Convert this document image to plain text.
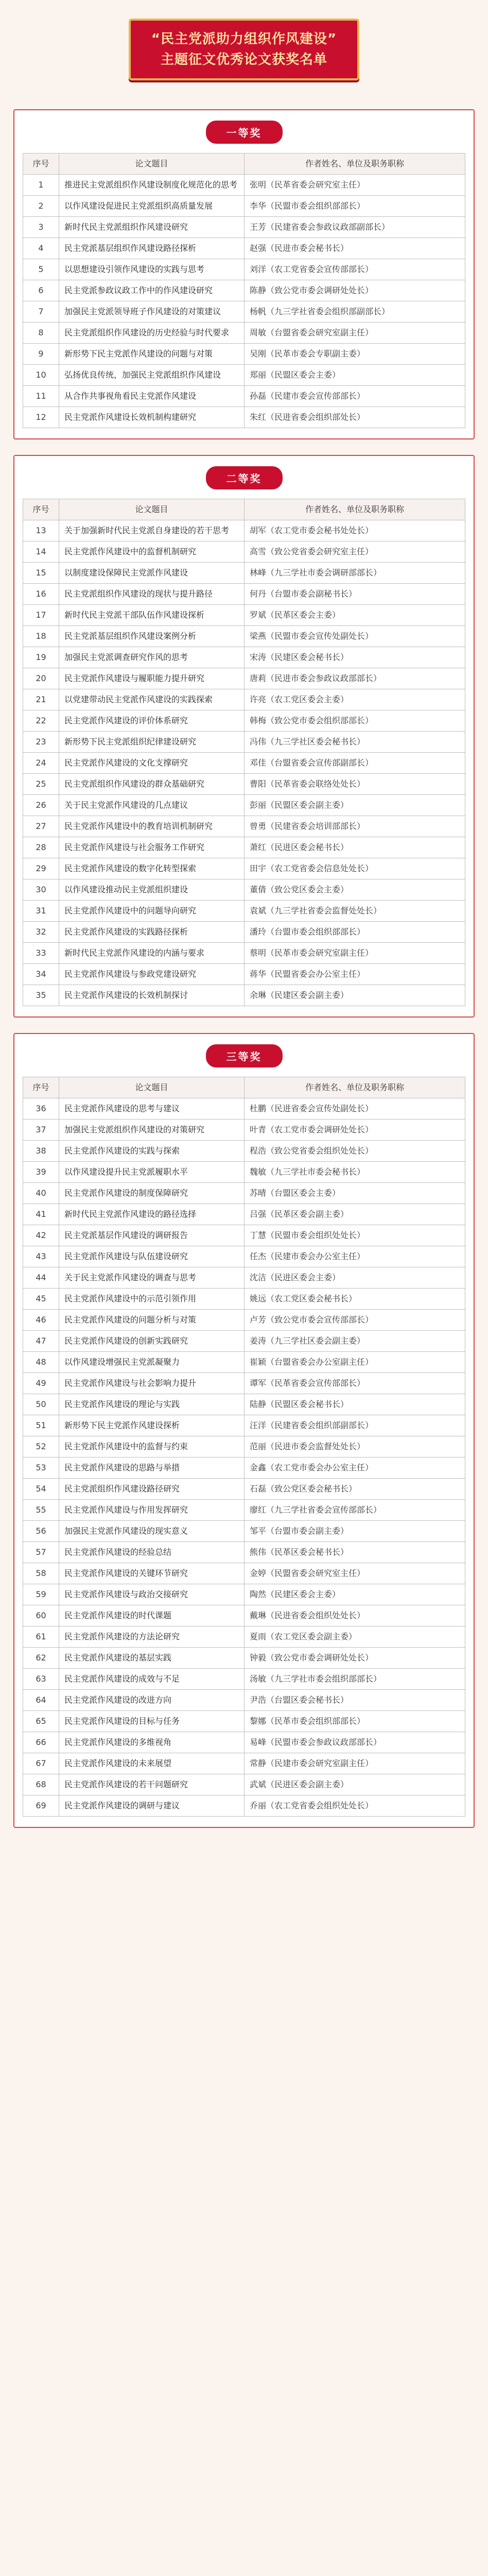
“民主党派助力组织作风建设”
主题征文优秀论文获奖名单
一等奖
序号	论文题目	作者姓名、单位及职务职称
1	推进民主党派组织作风建设制度化规范化的思考	张明（民革省委会研究室主任）
2	以作风建设促进民主党派组织高质量发展	李华（民盟市委会组织部部长）
3	新时代民主党派组织作风建设研究	王芳（民建省委会参政议政部副部长）
4	民主党派基层组织作风建设路径探析	赵强（民进市委会秘书长）
5	以思想建设引领作风建设的实践与思考	刘洋（农工党省委会宣传部部长）
6	民主党派参政议政工作中的作风建设研究	陈静（致公党市委会调研处处长）
7	加强民主党派领导班子作风建设的对策建议	杨帆（九三学社省委会组织部副部长）
8	民主党派组织作风建设的历史经验与时代要求	周敏（台盟省委会研究室副主任）
9	新形势下民主党派作风建设的问题与对策	吴刚（民革市委会专职副主委）
10	弘扬优良传统，加强民主党派组织作风建设	郑丽（民盟区委会主委）
11	从合作共事视角看民主党派作风建设	孙磊（民建市委会宣传部部长）
12	民主党派作风建设长效机制构建研究	朱红（民进省委会组织部处长）
二等奖
序号	论文题目	作者姓名、单位及职务职称
13	关于加强新时代民主党派自身建设的若干思考	胡军（农工党市委会秘书处处长）
14	民主党派作风建设中的监督机制研究	高雪（致公党省委会研究室主任）
15	以制度建设保障民主党派作风建设	林峰（九三学社市委会调研部部长）
16	民主党派组织作风建设的现状与提升路径	何丹（台盟市委会副秘书长）
17	新时代民主党派干部队伍作风建设探析	罗斌（民革区委会主委）
18	民主党派基层组织作风建设案例分析	梁燕（民盟市委会宣传处副处长）
19	加强民主党派调查研究作风的思考	宋涛（民建区委会秘书长）
20	民主党派作风建设与履职能力提升研究	唐莉（民进市委会参政议政部部长）
21	以党建带动民主党派作风建设的实践探索	许亮（农工党区委会主委）
22	民主党派作风建设的评价体系研究	韩梅（致公党市委会组织部部长）
23	新形势下民主党派组织纪律建设研究	冯伟（九三学社区委会秘书长）
24	民主党派作风建设的文化支撑研究	邓佳（台盟省委会宣传部副部长）
25	民主党派组织作风建设的群众基础研究	曹阳（民革省委会联络处处长）
26	关于民主党派作风建设的几点建议	彭丽（民盟区委会副主委）
27	民主党派作风建设中的教育培训机制研究	曾勇（民建省委会培训部部长）
28	民主党派作风建设与社会服务工作研究	萧红（民进区委会秘书长）
29	民主党派作风建设的数字化转型探索	田宇（农工党省委会信息处处长）
30	以作风建设推动民主党派组织建设	董倩（致公党区委会主委）
31	民主党派作风建设中的问题导向研究	袁斌（九三学社省委会监督处处长）
32	民主党派作风建设的实践路径探析	潘玲（台盟市委会组织部部长）
33	新时代民主党派作风建设的内涵与要求	蔡明（民革市委会研究室副主任）
34	民主党派作风建设与参政党建设研究	蒋华（民盟省委会办公室主任）
35	民主党派作风建设的长效机制探讨	余琳（民建区委会副主委）
三等奖
序号	论文题目	作者姓名、单位及职务职称
36	民主党派作风建设的思考与建议	杜鹏（民进省委会宣传处副处长）
37	加强民主党派组织作风建设的对策研究	叶青（农工党市委会调研处处长）
38	民主党派作风建设的实践与探索	程浩（致公党省委会组织处处长）
39	以作风建设提升民主党派履职水平	魏敏（九三学社市委会秘书长）
40	民主党派作风建设的制度保障研究	苏晴（台盟区委会主委）
41	新时代民主党派作风建设的路径选择	吕强（民革区委会副主委）
42	民主党派基层作风建设的调研报告	丁慧（民盟市委会组织处处长）
43	民主党派作风建设与队伍建设研究	任杰（民建市委会办公室主任）
44	关于民主党派作风建设的调查与思考	沈洁（民进区委会主委）
45	民主党派作风建设中的示范引领作用	姚远（农工党区委会秘书长）
46	民主党派作风建设的问题分析与对策	卢芳（致公党市委会宣传部部长）
47	民主党派作风建设的创新实践研究	姜涛（九三学社区委会副主委）
48	以作风建设增强民主党派凝聚力	崔颖（台盟省委会办公室副主任）
49	民主党派作风建设与社会影响力提升	谭军（民革省委会宣传部部长）
50	民主党派作风建设的理论与实践	陆静（民盟区委会秘书长）
51	新形势下民主党派作风建设探析	汪洋（民建省委会组织部副部长）
52	民主党派作风建设中的监督与约束	范丽（民进市委会监督处处长）
53	民主党派作风建设的思路与举措	金鑫（农工党市委会办公室主任）
54	民主党派组织作风建设路径研究	石磊（致公党区委会秘书长）
55	民主党派作风建设与作用发挥研究	廖红（九三学社省委会宣传部部长）
56	加强民主党派作风建设的现实意义	邹平（台盟市委会副主委）
57	民主党派作风建设的经验总结	熊伟（民革区委会秘书长）
58	民主党派作风建设的关键环节研究	金婷（民盟省委会研究室主任）
59	民主党派作风建设与政治交接研究	陶然（民建区委会主委）
60	民主党派作风建设的时代课题	戴琳（民进省委会组织处处长）
61	民主党派作风建设的方法论研究	夏雨（农工党区委会副主委）
62	民主党派作风建设的基层实践	钟毅（致公党市委会调研处处长）
63	民主党派作风建设的成效与不足	汤敏（九三学社市委会组织部部长）
64	民主党派作风建设的改进方向	尹浩（台盟区委会秘书长）
65	民主党派作风建设的目标与任务	黎娜（民革市委会组织部部长）
66	民主党派作风建设的多维视角	易峰（民盟市委会参政议政部部长）
67	民主党派作风建设的未来展望	常静（民建市委会研究室副主任）
68	民主党派作风建设的若干问题研究	武斌（民进区委会副主委）
69	民主党派作风建设的调研与建议	乔丽（农工党省委会组织处处长）
